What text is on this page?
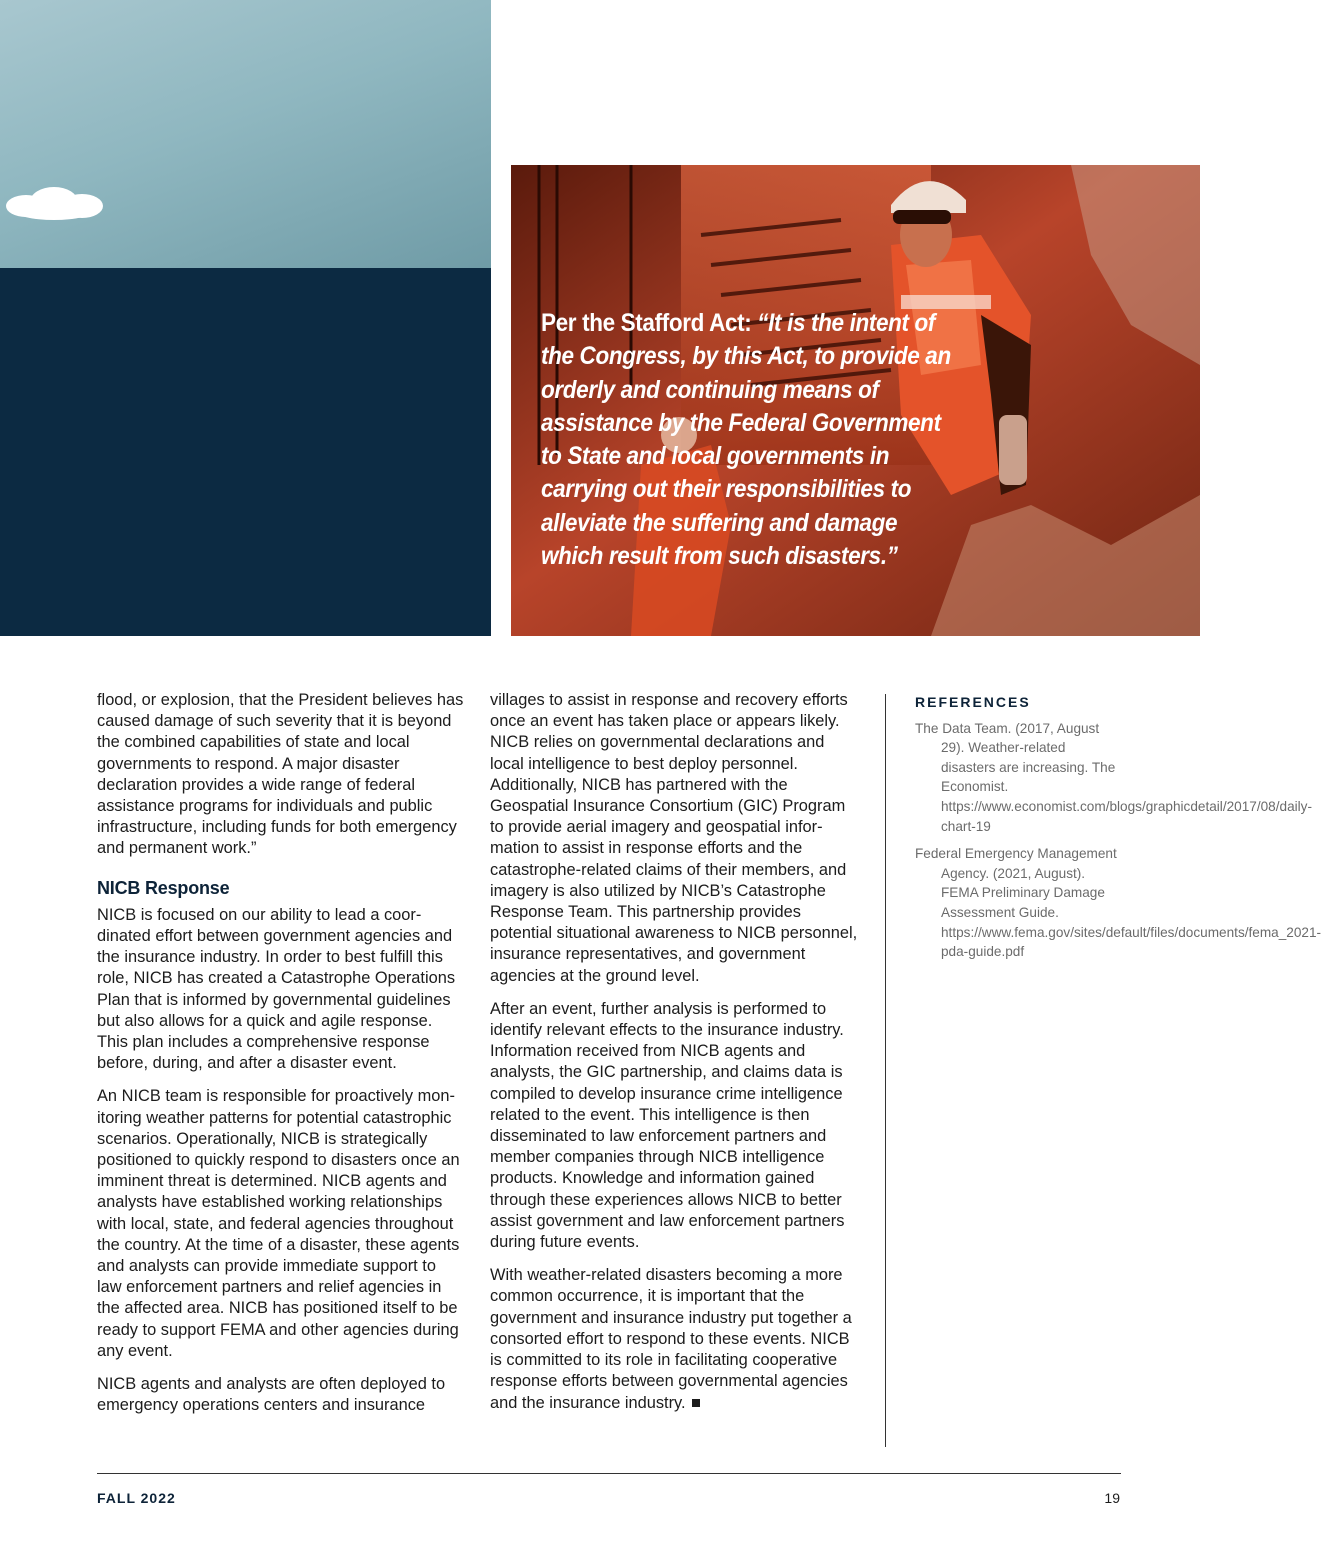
Per the Stafford Act: “It is the intent of the Congress, by this Act, to provide an orderly and continuing means of assistance by the Federal Government to State and local governments in carrying out their responsibilities to alleviate the suffering and damage which result from such disasters.”

flood, or explosion, that the President believes has caused damage of such severity that it is beyond the combined capabilities of state and local governments to respond. A major disaster declaration provides a wide range of federal assistance programs for individuals and public infrastructure, including funds for both emergency and permanent work.”

NICB Response

NICB is focused on our ability to lead a coordinated effort between government agencies and the insurance industry. In order to best fulfill this role, NICB has created a Catastrophe Operations Plan that is informed by governmental guidelines but also allows for a quick and agile response. This plan includes a comprehensive response before, during, and after a disaster event.

An NICB team is responsible for proactively monitoring weather patterns for potential catastrophic scenarios. Operationally, NICB is strategically positioned to quickly respond to disasters once an imminent threat is determined. NICB agents and analysts have established working relationships with local, state, and federal agencies throughout the country. At the time of a disaster, these agents and analysts can provide immediate support to law enforcement partners and relief agencies in the affected area. NICB has positioned itself to be ready to support FEMA and other agencies during any event.

NICB agents and analysts are often deployed to emergency operations centers and insurance

villages to assist in response and recovery efforts once an event has taken place or appears likely. NICB relies on governmental declarations and local intelligence to best deploy personnel. Additionally, NICB has partnered with the Geospatial Insurance Consortium (GIC) Program to provide aerial imagery and geospatial information to assist in response efforts and the catastrophe-related claims of their members, and imagery is also utilized by NICB’s Catastrophe Response Team. This partnership provides potential situational awareness to NICB personnel, insurance representatives, and government agencies at the ground level.

After an event, further analysis is performed to identify relevant effects to the insurance industry. Information received from NICB agents and analysts, the GIC partnership, and claims data is compiled to develop insurance crime intelligence related to the event. This intelligence is then disseminated to law enforcement partners and member companies through NICB intelligence products. Knowledge and information gained through these experiences allows NICB to better assist government and law enforcement partners during future events.

With weather-related disasters becoming a more common occurrence, it is important that the government and insurance industry put together a consorted effort to respond to these events. NICB is committed to its role in facilitating cooperative response efforts between governmental agencies and the insurance industry.

REFERENCES

The Data Team. (2017, August 29). Weather-related disasters are increasing. The Economist. https://www.economist.com/blogs/graphicdetail/2017/08/daily-chart-19

Federal Emergency Management Agency. (2021, August). FEMA Preliminary Damage Assessment Guide. https://www.fema.gov/sites/default/files/documents/fema_2021-pda-guide.pdf

FALL 2022	19
